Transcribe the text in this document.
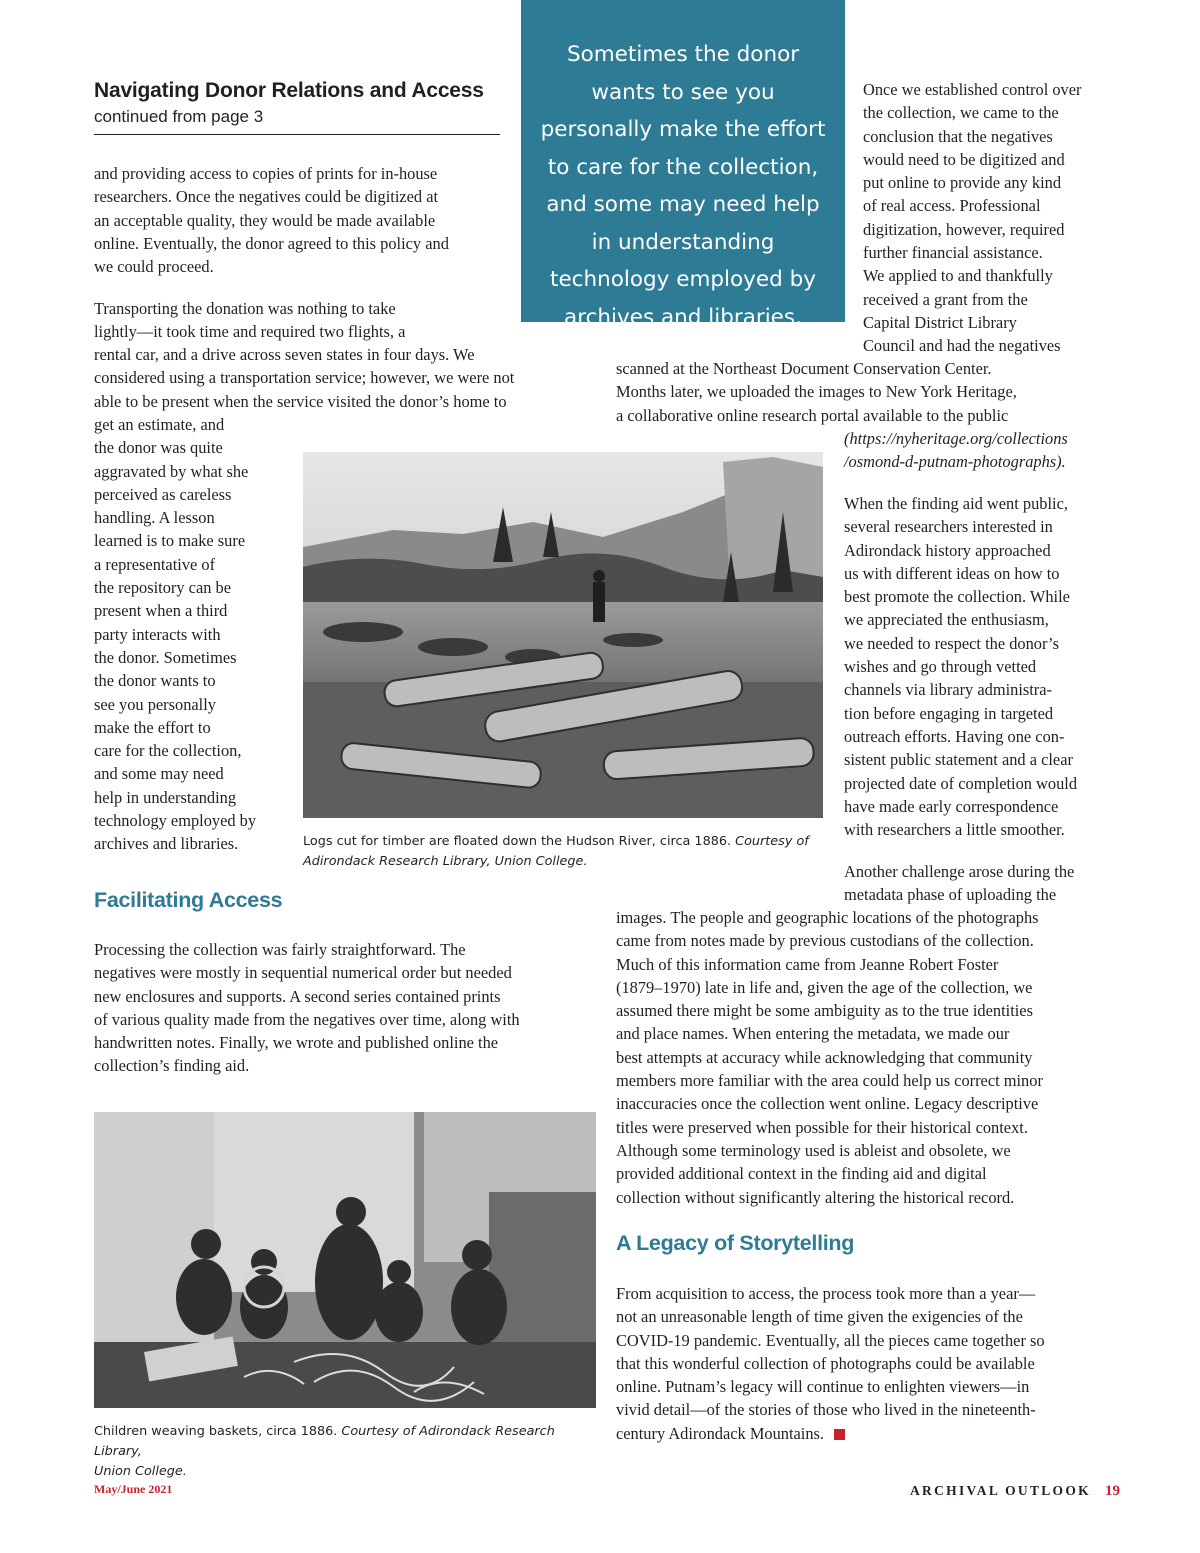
Navigating Donor Relations and Access
continued from page 3
Sometimes the donor wants to see you personally make the effort to care for the collection, and some may need help in understanding technology employed by archives and libraries.
and providing access to copies of prints for in-house
researchers. Once the negatives could be digitized at
an acceptable quality, they would be made available
online. Eventually, the donor agreed to this policy and
we could proceed.
Transporting the donation was nothing to take
lightly—it took time and required two flights, a
rental car, and a drive across seven states in four days. We
considered using a transportation service; however, we were not
able to be present when the service visited the donor’s home to
get an estimate, and
the donor was quite
aggravated by what she
perceived as careless
handling. A lesson
learned is to make sure
a representative of
the repository can be
present when a third
party interacts with
the donor. Sometimes
the donor wants to
see you personally
make the effort to
care for the collection,
and some may need
help in understanding
technology employed by
archives and libraries.
Once we established control over
the collection, we came to the
conclusion that the negatives
would need to be digitized and
put online to provide any kind
of real access. Professional
digitization, however, required
further financial assistance.
We applied to and thankfully
received a grant from the
Capital District Library
Council and had the negatives
scanned at the Northeast Document Conservation Center.
Months later, we uploaded the images to New York Heritage,
a collaborative online research portal available to the public
(https://nyheritage.org/collections
/osmond-d-putnam-photographs).
When the finding aid went public,
several researchers interested in
Adirondack history approached
us with different ideas on how to
best promote the collection. While
we appreciated the enthusiasm,
we needed to respect the donor’s
wishes and go through vetted
channels via library administra-
tion before engaging in targeted
outreach efforts. Having one con-
sistent public statement and a clear
projected date of completion would
have made early correspondence
with researchers a little smoother.
Another challenge arose during the
metadata phase of uploading the
images. The people and geographic locations of the photographs
came from notes made by previous custodians of the collection.
Much of this information came from Jeanne Robert Foster
(1879–1970) late in life and, given the age of the collection, we
assumed there might be some ambiguity as to the true identities
and place names. When entering the metadata, we made our
best attempts at accuracy while acknowledging that community
members more familiar with the area could help us correct minor
inaccuracies once the collection went online. Legacy descriptive
titles were preserved when possible for their historical context.
Although some terminology used is ableist and obsolete, we
provided additional context in the finding aid and digital
collection without significantly altering the historical record.
A Legacy of Storytelling
From acquisition to access, the process took more than a year—
not an unreasonable length of time given the exigencies of the
COVID-19 pandemic. Eventually, all the pieces came together so
that this wonderful collection of photographs could be available
online. Putnam’s legacy will continue to enlighten viewers—in
vivid detail—of the stories of those who lived in the nineteenth-
century Adirondack Mountains.
Logs cut for timber are floated down the Hudson River, circa 1886. Courtesy of
Adirondack Research Library, Union College.
Facilitating Access
Processing the collection was fairly straightforward. The
negatives were mostly in sequential numerical order but needed
new enclosures and supports. A second series contained prints
of various quality made from the negatives over time, along with
handwritten notes. Finally, we wrote and published online the
collection’s finding aid.
Children weaving baskets, circa 1886. Courtesy of Adirondack Research Library,
Union College.
May/June 2021	ARCHIVAL OUTLOOK 19
